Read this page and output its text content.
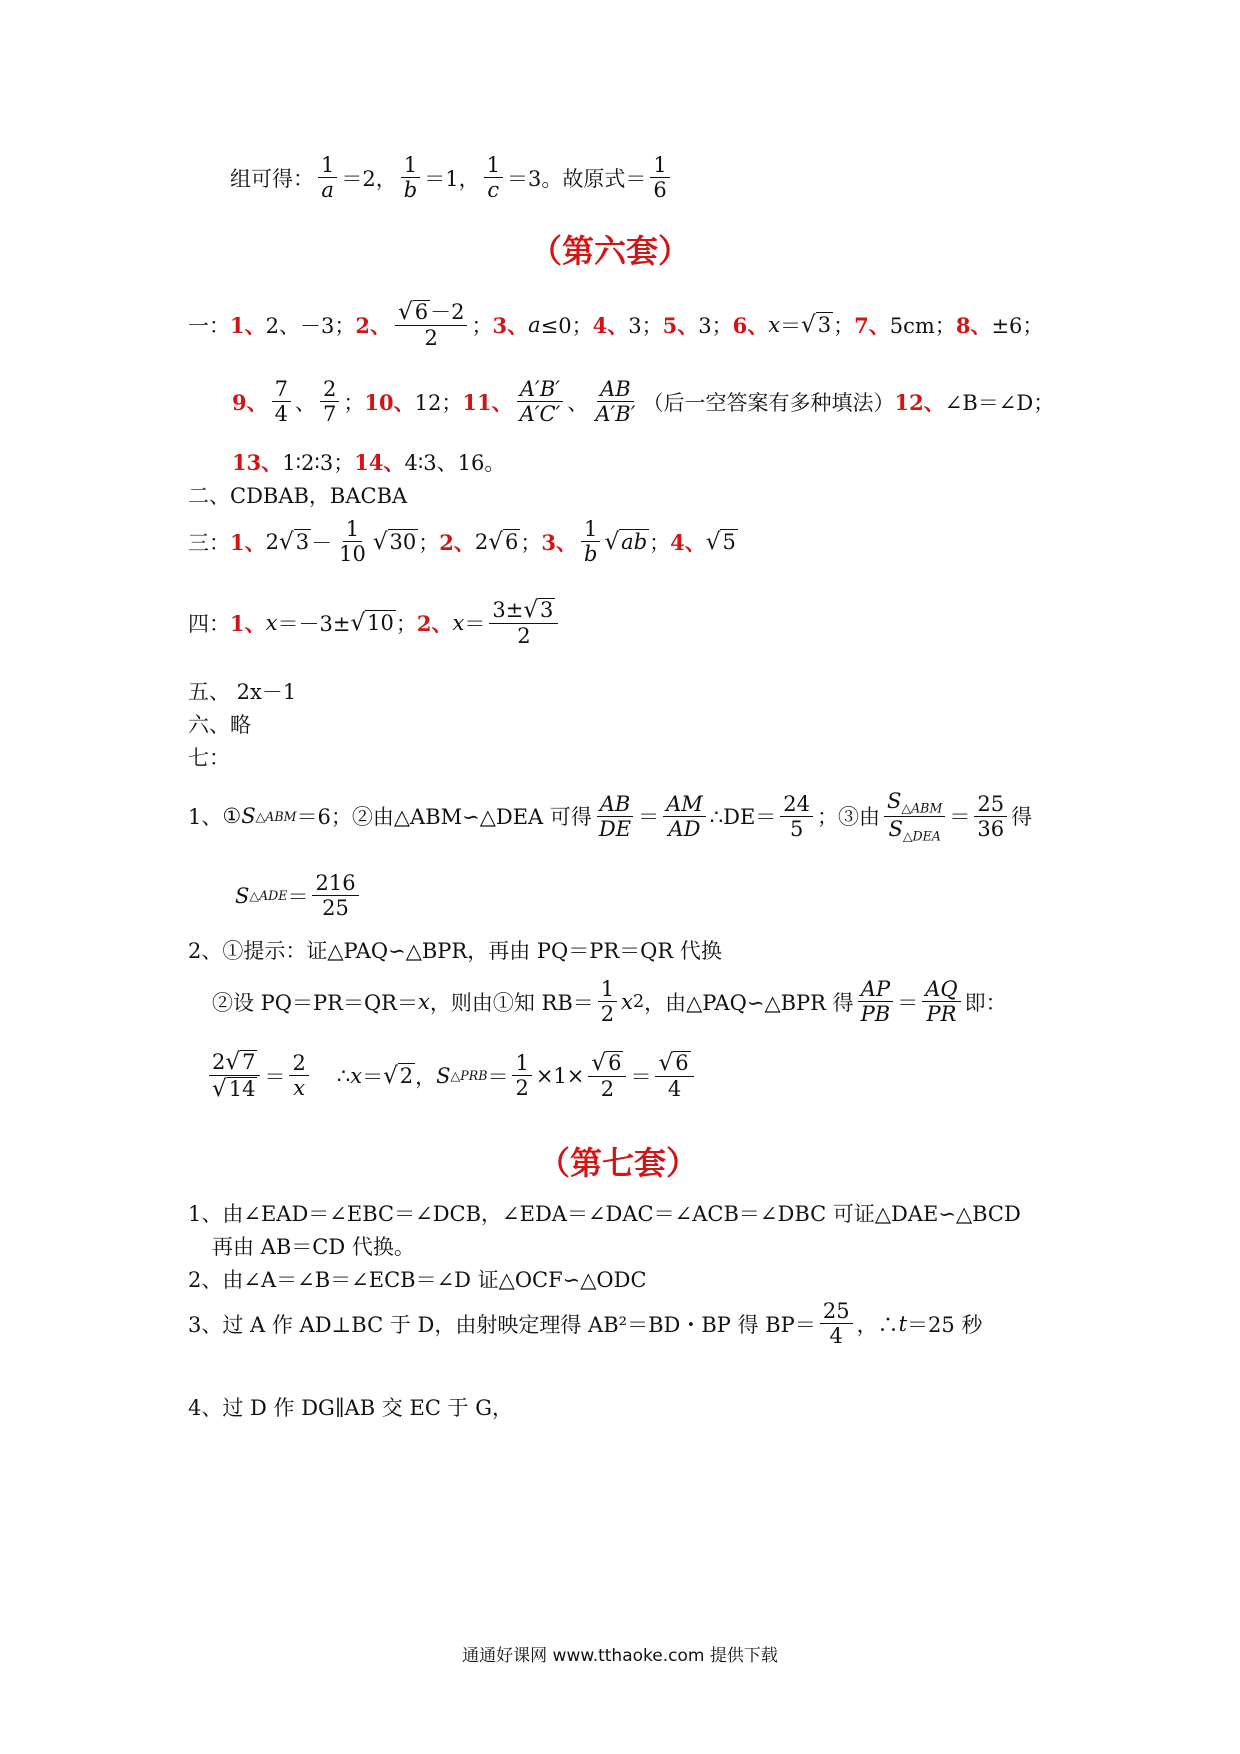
组可得： $\frac{1}{a} =2$， $\frac{1}{b} =1$， $\frac{1}{c} =3$。 故原式＝ $\frac{1}{6}$
（第六套）
一： 1、 2、－3； 2、 $\frac{√ 6 -2}{2}$ ； 3、 a ≤0； 4、 3； 5、 3； 6、 x ＝ √ 3 ； 7、 5cm； 8、 ±6；
9、 $\frac{7}{4}$ 、 $\frac{2}{7}$ ； 10、 12； 11、 $\frac{A'B'}{A'C'}$ 、 $\frac{AB}{A'B'}$ （后一空答案有多种填法） 12、 ∠B＝∠D；
13、 1∶2∶3； 14、 4∶3、16。
二、CDBAB，BACBA
三： 1、 2 √ $3 - \frac{1}{10}$ √ 30 ； 2、 2 √ 6 ； 3、 $\frac{1}{b}$ √ ab ； 4、 √ 5
四： 1、 x ＝－3± √ 10 ； 2、 $x = \frac{3\pm √ 3}{2}$
五、 2x－1
六、略
七：
1、 ① S △ABM ＝6；②由△ABM∽△DEA 可得 $\frac{AB}{DE} = \frac{AM}{AD}$ ∴DE＝ $\frac{24}{5}$ ；③由 $\frac{S_{\triangle ABM}}{S_{\triangle DEA}} = \frac{25}{36}$ 得
S △ADE ＝ $\frac{216}{25}$
2、①提示：证△PAQ∽△BPR，再由 PQ＝PR＝QR 代换
②设 PQ＝PR＝QR＝ x ，则由①知 $RB= \frac{1}{2}$ x 2 ，由△PAQ∽△BPR 得 $\frac{AP}{PB} = \frac{AQ}{PR}$ 即：
$\frac{2 √ 7}{√ 14} = \frac{2}{x}$ ∴ x ＝ √ 2 ， S △PRB ＝ $\frac{1}{2} \times 1\times \frac{√ 6}{2} = \frac{√ 6}{4}$
（第七套）
1、由∠EAD＝∠EBC＝∠DCB，∠EDA＝∠DAC＝∠ACB＝∠DBC 可证△DAE∽△BCD
再由 AB＝CD 代换。
2、由∠A＝∠B＝∠ECB＝∠D 证△OCF∽△ODC
3、过 A 作 AD⊥BC 于 D，由射映定理得 AB²＝BD・BP 得 $BP= \frac{25}{4}$ ，∴ t ＝25 秒
4、过 D 作 DG∥AB 交 EC 于 G，
通通好课网 www.tthaoke.com 提供下载
